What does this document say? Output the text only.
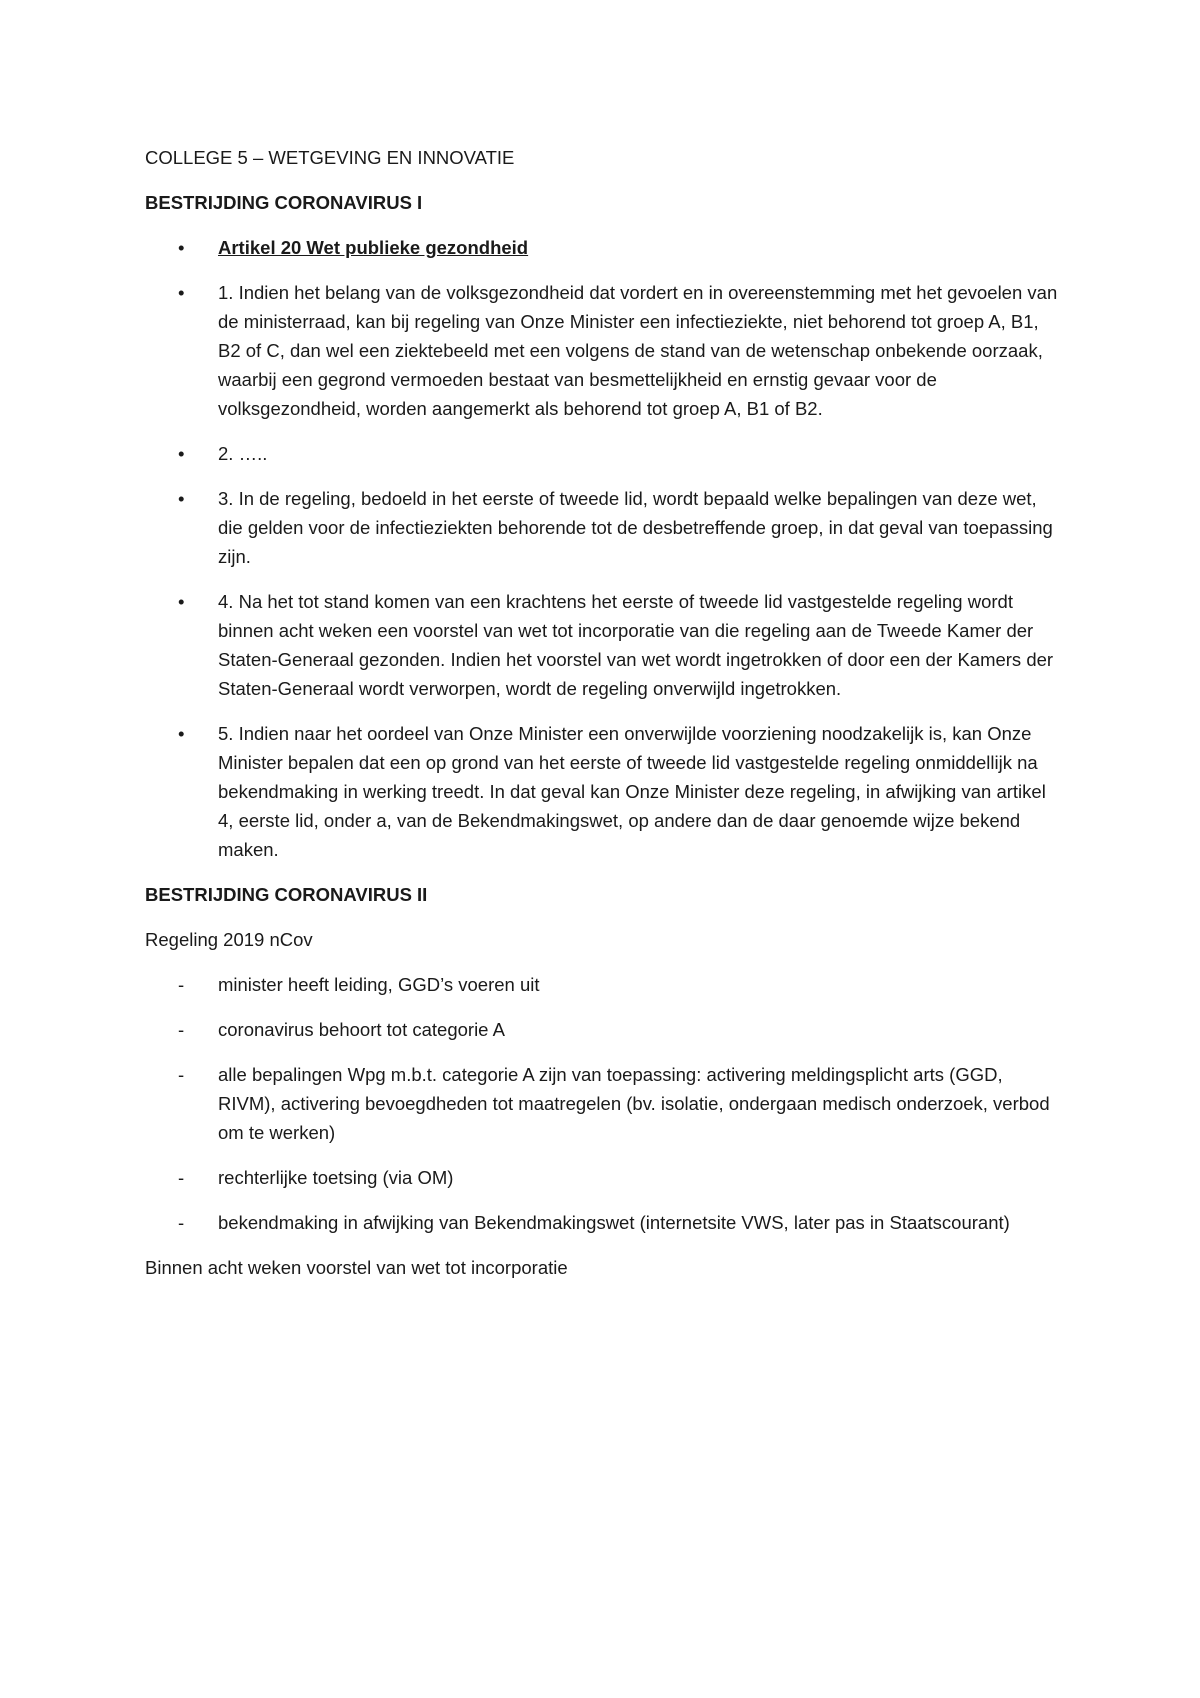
COLLEGE 5 – WETGEVING EN INNOVATIE
BESTRIJDING CORONAVIRUS I
•	Artikel 20 Wet publieke gezondheid
•	1. Indien het belang van de volksgezondheid dat vordert en in overeenstemming met het gevoelen van de ministerraad, kan bij regeling van Onze Minister een infectieziekte, niet behorend tot groep A, B1, B2 of C, dan wel een ziektebeeld met een volgens de stand van de wetenschap onbekende oorzaak, waarbij een gegrond vermoeden bestaat van besmettelijkheid en ernstig gevaar voor de volksgezondheid, worden aangemerkt als behorend tot groep A, B1 of B2.
•	2. …..
•	3. In de regeling, bedoeld in het eerste of tweede lid, wordt bepaald welke bepalingen van deze wet, die gelden voor de infectieziekten behorende tot de desbetreffende groep, in dat geval van toepassing zijn.
•	4. Na het tot stand komen van een krachtens het eerste of tweede lid vastgestelde regeling wordt binnen acht weken een voorstel van wet tot incorporatie van die regeling aan de Tweede Kamer der Staten-Generaal gezonden. Indien het voorstel van wet wordt ingetrokken of door een der Kamers der Staten-Generaal wordt verworpen, wordt de regeling onverwijld ingetrokken.
•	5. Indien naar het oordeel van Onze Minister een onverwijlde voorziening noodzakelijk is, kan Onze Minister bepalen dat een op grond van het eerste of tweede lid vastgestelde regeling onmiddellijk na bekendmaking in werking treedt. In dat geval kan Onze Minister deze regeling, in afwijking van artikel 4, eerste lid, onder a, van de Bekendmakingswet, op andere dan de daar genoemde wijze bekend maken.
BESTRIJDING CORONAVIRUS II
Regeling 2019 nCov
-	minister heeft leiding, GGD’s voeren uit
-	coronavirus behoort tot categorie A
-	alle bepalingen Wpg m.b.t. categorie A zijn van toepassing: activering meldingsplicht arts (GGD, RIVM), activering bevoegdheden tot maatregelen (bv. isolatie, ondergaan medisch onderzoek, verbod om te werken)
-	rechterlijke toetsing (via OM)
-	bekendmaking in afwijking van Bekendmakingswet (internetsite VWS, later pas in Staatscourant)
Binnen acht weken voorstel van wet tot incorporatie
